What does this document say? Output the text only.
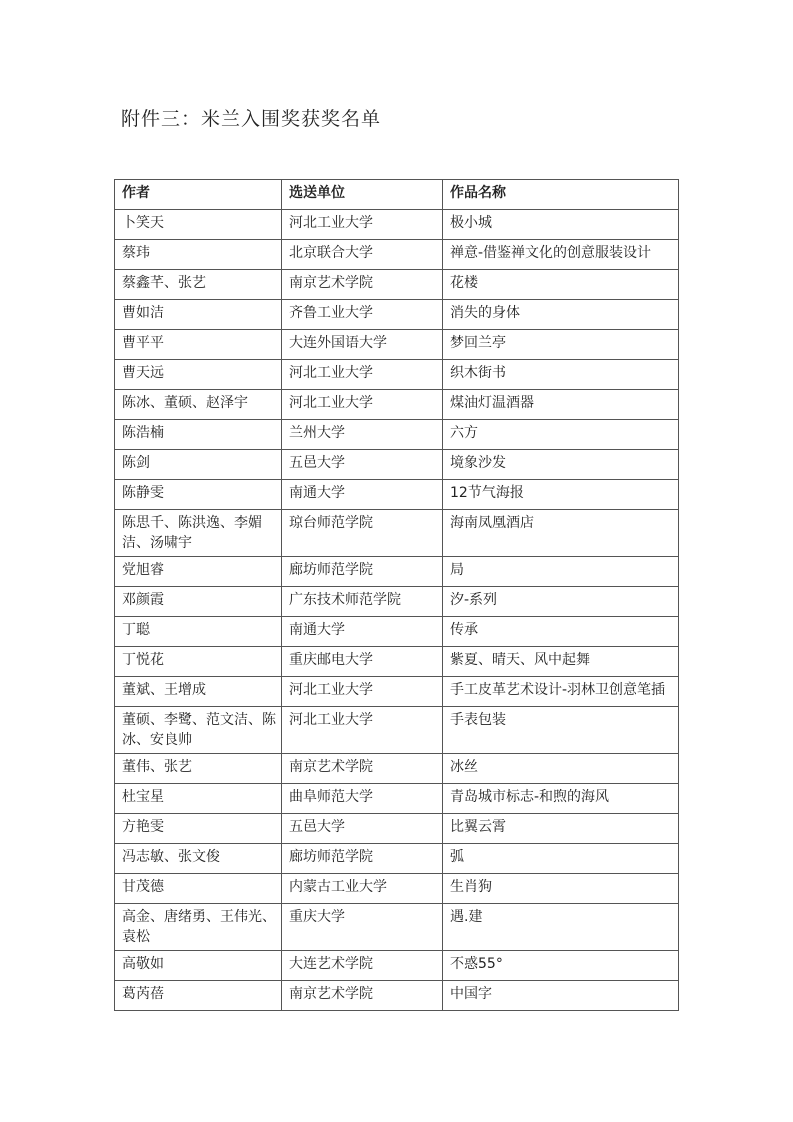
附件三：米兰入围奖获奖名单
作者	选送单位	作品名称
卜笑天	河北工业大学	极小城
蔡玮	北京联合大学	禅意-借鉴禅文化的创意服装设计
蔡鑫芊、张艺	南京艺术学院	花楼
曹如洁	齐鲁工业大学	消失的身体
曹平平	大连外国语大学	梦回兰亭
曹天远	河北工业大学	织木街书
陈冰、董硕、赵泽宇	河北工业大学	煤油灯温酒器
陈浩楠	兰州大学	六方
陈剑	五邑大学	境象沙发
陈静雯	南通大学	12节气海报
陈思千、陈洪逸、李媚洁、汤啸宇	琼台师范学院	海南凤凰酒店
党旭睿	廊坊师范学院	局
邓颜霞	广东技术师范学院	汐-系列
丁聪	南通大学	传承
丁悦花	重庆邮电大学	紫夏、晴天、风中起舞
董斌、王增成	河北工业大学	手工皮革艺术设计-羽林卫创意笔插
董硕、李鹭、范文洁、陈冰、安良帅	河北工业大学	手表包装
董伟、张艺	南京艺术学院	冰丝
杜宝星	曲阜师范大学	青岛城市标志-和煦的海风
方艳雯	五邑大学	比翼云霄
冯志敏、张文俊	廊坊师范学院	弧
甘茂德	内蒙古工业大学	生肖狗
高金、唐绪勇、王伟光、袁松	重庆大学	遇.建
高敬如	大连艺术学院	不惑55°
葛芮蓓	南京艺术学院	中国字
